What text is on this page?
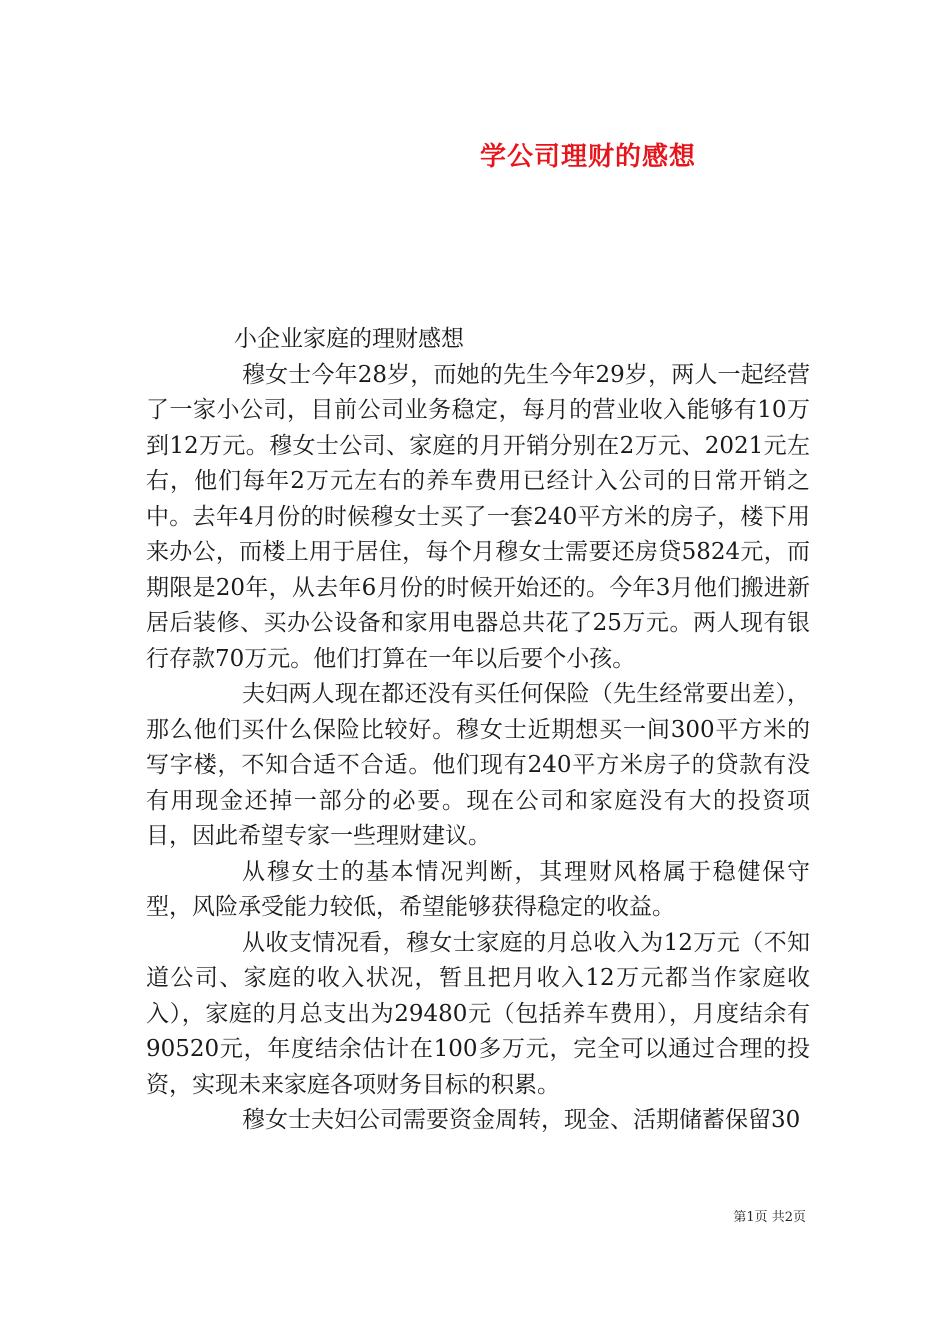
学公司理财的感想

小企业家庭的理财感想

穆女士今年28岁，而她的先生今年29岁，两人一起经营了一家小公司，目前公司业务稳定，每月的营业收入能够有10万到12万元。穆女士公司、家庭的月开销分别在2万元、2021元左右，他们每年2万元左右的养车费用已经计入公司的日常开销之中。去年4月份的时候穆女士买了一套240平方米的房子，楼下用来办公，而楼上用于居住，每个月穆女士需要还房贷5824元，而期限是20年，从去年6月份的时候开始还的。今年3月他们搬进新居后装修、买办公设备和家用电器总共花了25万元。两人现有银行存款70万元。他们打算在一年以后要个小孩。

夫妇两人现在都还没有买任何保险（先生经常要出差），那么他们买什么保险比较好。穆女士近期想买一间300平方米的写字楼，不知合适不合适。他们现有240平方米房子的贷款有没有用现金还掉一部分的必要。现在公司和家庭没有大的投资项目，因此希望专家一些理财建议。

从穆女士的基本情况判断，其理财风格属于稳健保守型，风险承受能力较低，希望能够获得稳定的收益。

从收支情况看，穆女士家庭的月总收入为12万元（不知道公司、家庭的收入状况，暂且把月收入12万元都当作家庭收入），家庭的月总支出为29480元（包括养车费用），月度结余有90520元，年度结余估计在100多万元，完全可以通过合理的投资，实现未来家庭各项财务目标的积累。

穆女士夫妇公司需要资金周转，现金、活期储蓄保留30

第1页 共2页
